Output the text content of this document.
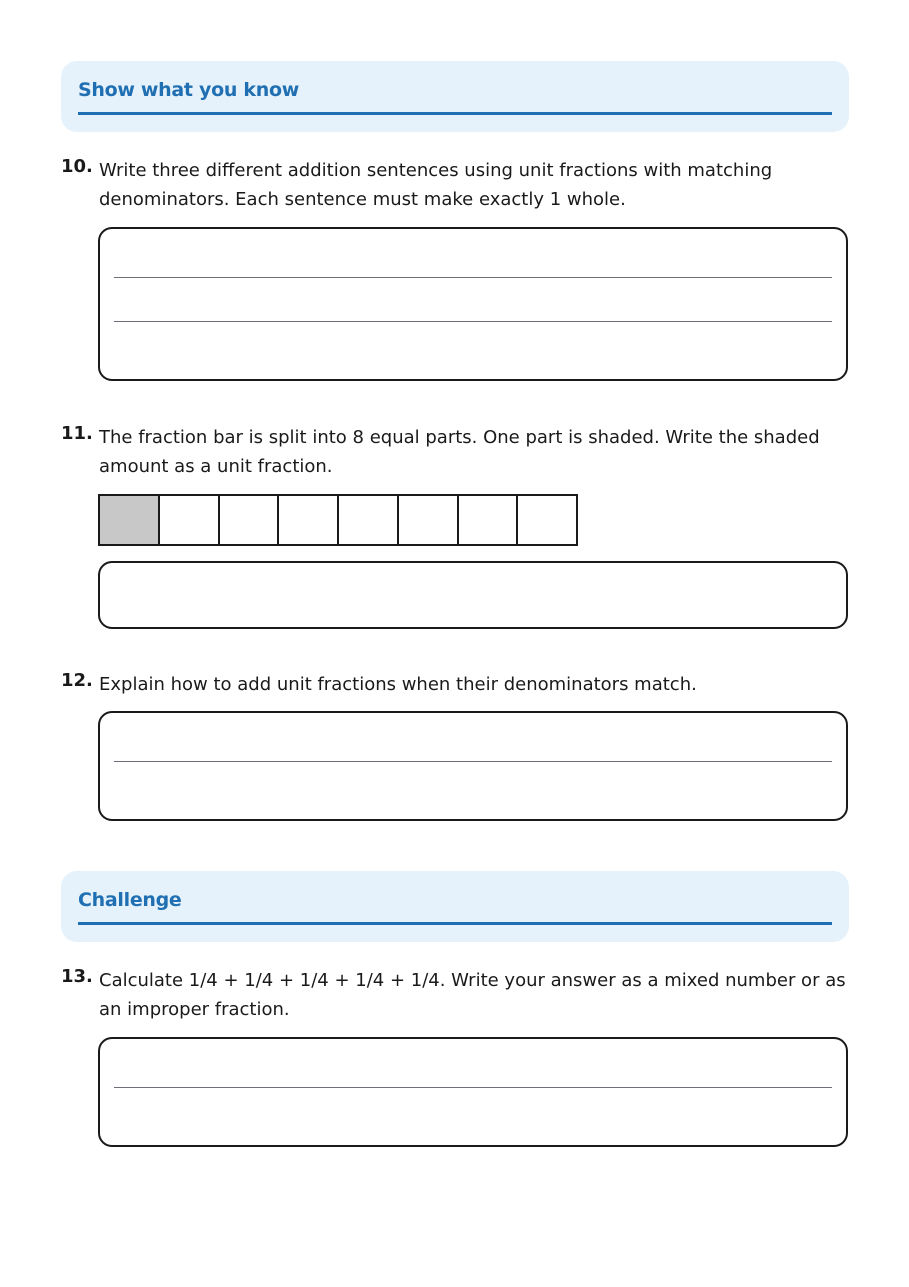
Show what you know
10. Write three different addition sentences using unit fractions with matching denominators. Each sentence must make exactly 1 whole.
11. The fraction bar is split into 8 equal parts. One part is shaded. Write the shaded amount as a unit fraction.
12. Explain how to add unit fractions when their denominators match.
Challenge
13. Calculate 1/4 + 1/4 + 1/4 + 1/4 + 1/4. Write your answer as a mixed number or as an improper fraction.
